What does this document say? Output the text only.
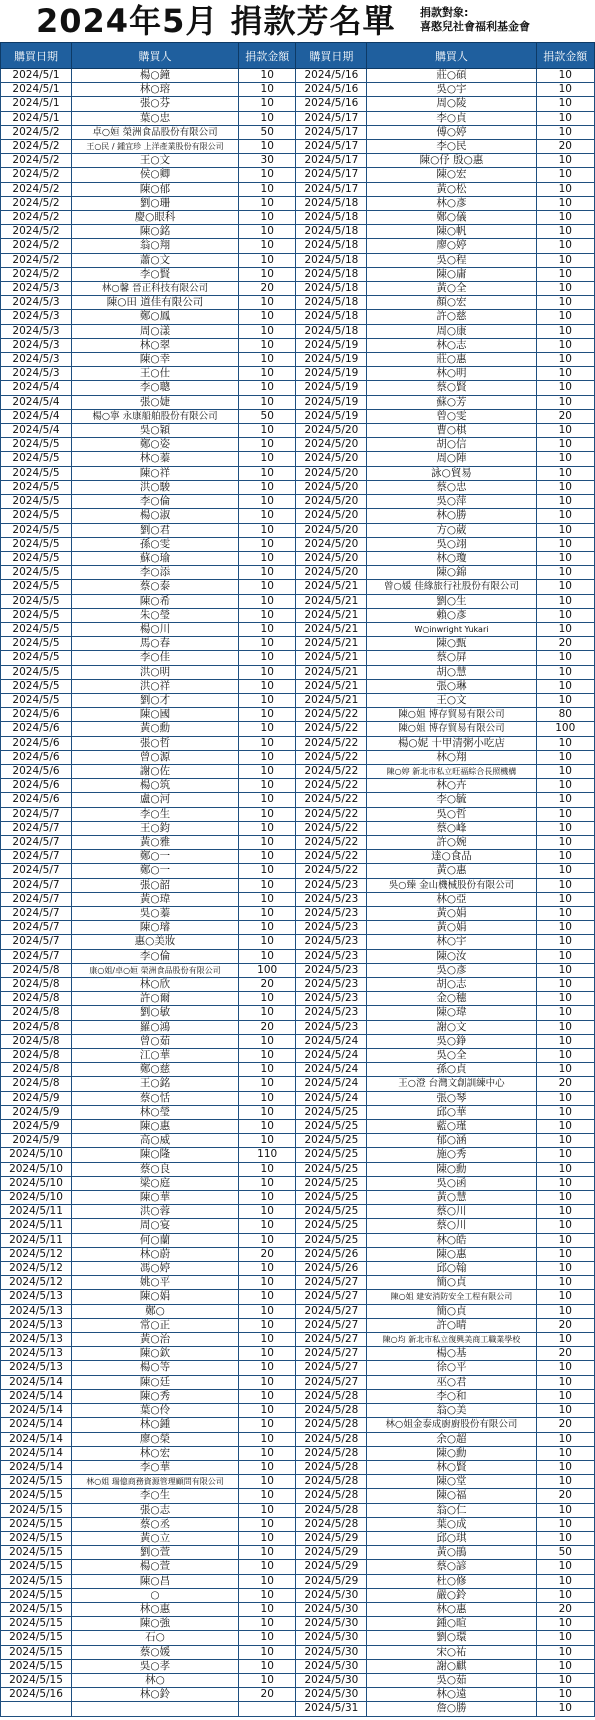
2024年5月 捐款芳名單 捐款對象:
喜憨兒社會福利基金會
購買日期	購買人	捐款金額	購買日期	購買人	捐款金額
2024/5/1	楊○鐘	10	2024/5/16	莊○碩	10
2024/5/1	林○瑢	10	2024/5/16	吳○宇	10
2024/5/1	張○芬	10	2024/5/16	周○陵	10
2024/5/1	葉○忠	10	2024/5/17	李○貞	10
2024/5/2	卓○姮 榮洲食品股份有限公司	50	2024/5/17	傅○婷	10
2024/5/2	王○民 / 鍾宜珍 上洋產業股份有限公司	10	2024/5/17	李○民	20
2024/5/2	王○文	30	2024/5/17	陳○伃 殷○惠	10
2024/5/2	侯○卿	10	2024/5/17	陳○宏	10
2024/5/2	陳○郁	10	2024/5/17	黃○松	10
2024/5/2	劉○珊	10	2024/5/18	林○彥	10
2024/5/2	慶○眼科	10	2024/5/18	鄭○儀	10
2024/5/2	陳○銘	10	2024/5/18	陳○帆	10
2024/5/2	翁○翔	10	2024/5/18	廖○婷	10
2024/5/2	蕭○文	10	2024/5/18	吳○程	10
2024/5/2	李○賢	10	2024/5/18	陳○庸	10
2024/5/3	林○馨 晉正科技有限公司	20	2024/5/18	黃○全	10
2024/5/3	陳○田 道佳有限公司	10	2024/5/18	顏○宏	10
2024/5/3	鄭○鳳	10	2024/5/18	許○慈	10
2024/5/3	周○漾	10	2024/5/18	周○康	10
2024/5/3	林○翠	10	2024/5/19	林○志	10
2024/5/3	陳○幸	10	2024/5/19	莊○惠	10
2024/5/3	王○仕	10	2024/5/19	林○明	10
2024/5/4	李○聰	10	2024/5/19	蔡○賢	10
2024/5/4	張○婕	10	2024/5/19	蘇○芳	10
2024/5/4	楊○寧 永康船舶股份有限公司	50	2024/5/19	曾○雯	20
2024/5/4	吳○穎	10	2024/5/20	曹○棋	10
2024/5/5	鄭○姿	10	2024/5/20	胡○信	10
2024/5/5	林○蓁	10	2024/5/20	周○陣	10
2024/5/5	陳○祥	10	2024/5/20	詠○貿易	10
2024/5/5	洪○駿	10	2024/5/20	蔡○忠	10
2024/5/5	李○倫	10	2024/5/20	吳○萍	10
2024/5/5	楊○淑	10	2024/5/20	林○勝	10
2024/5/5	劉○君	10	2024/5/20	方○葳	10
2024/5/5	孫○雯	10	2024/5/20	吳○翊	10
2024/5/5	蘇○瑜	10	2024/5/20	林○瓊	10
2024/5/5	李○添	10	2024/5/20	陳○錦	10
2024/5/5	蔡○泰	10	2024/5/21	曾○媛 佳緣旅行社股份有限公司	10
2024/5/5	陳○希	10	2024/5/21	劉○生	10
2024/5/5	朱○瑩	10	2024/5/21	賴○彥	10
2024/5/5	楊○川	10	2024/5/21	W○inwright Yukari	10
2024/5/5	馬○春	10	2024/5/21	陳○甄	20
2024/5/5	李○佳	10	2024/5/21	蔡○屏	10
2024/5/5	洪○明	10	2024/5/21	胡○慧	10
2024/5/5	洪○祥	10	2024/5/21	張○琳	10
2024/5/5	劉○才	10	2024/5/21	王○文	10
2024/5/6	陳○國	10	2024/5/22	陳○姐 博存貿易有限公司	80
2024/5/6	黃○勳	10	2024/5/22	陳○姐 博存貿易有限公司	100
2024/5/6	張○哲	10	2024/5/22	楊○妮 十甲清粥小吃店	10
2024/5/6	曾○源	10	2024/5/22	林○翔	10
2024/5/6	謝○佐	10	2024/5/22	陳○婷 新北市私立旺福綜合長照機構	10
2024/5/6	楊○筑	10	2024/5/22	林○卉	10
2024/5/6	盧○河	10	2024/5/22	李○毓	10
2024/5/7	李○生	10	2024/5/22	吳○哲	10
2024/5/7	王○鈞	10	2024/5/22	蔡○峰	10
2024/5/7	黃○雅	10	2024/5/22	許○婉	10
2024/5/7	鄭○一	10	2024/5/22	達○食品	10
2024/5/7	鄭○一	10	2024/5/22	黃○惠	10
2024/5/7	張○韶	10	2024/5/23	吳○臻 金山機械股份有限公司	10
2024/5/7	黃○瑋	10	2024/5/23	林○亞	10
2024/5/7	吳○蓁	10	2024/5/23	黃○娟	10
2024/5/7	陳○璿	10	2024/5/23	黃○娟	10
2024/5/7	惠○美妝	10	2024/5/23	林○宇	10
2024/5/7	李○倫	10	2024/5/23	陳○汝	10
2024/5/8	康○姐/卓○姮 榮洲食品股份有限公司	100	2024/5/23	吳○彥	10
2024/5/8	林○欣	20	2024/5/23	胡○志	10
2024/5/8	許○爾	10	2024/5/23	金○穗	10
2024/5/8	劉○敏	10	2024/5/23	陳○瑋	10
2024/5/8	羅○鴻	20	2024/5/23	謝○文	10
2024/5/8	曾○茹	10	2024/5/24	吳○錚	10
2024/5/8	江○華	10	2024/5/24	吳○全	10
2024/5/8	鄭○慈	10	2024/5/24	孫○貞	10
2024/5/8	王○銘	10	2024/5/24	王○澄 台灣文創訓練中心	20
2024/5/9	蔡○恬	10	2024/5/24	張○琴	10
2024/5/9	林○瑩	10	2024/5/25	邱○華	10
2024/5/9	陳○惠	10	2024/5/25	藍○瑾	10
2024/5/9	高○威	10	2024/5/25	郁○涵	10
2024/5/10	陳○隆	110	2024/5/25	施○秀	10
2024/5/10	蔡○良	10	2024/5/25	陳○勳	10
2024/5/10	梁○庭	10	2024/5/25	吳○函	10
2024/5/10	陳○華	10	2024/5/25	黃○慧	10
2024/5/11	洪○蓉	10	2024/5/25	蔡○川	10
2024/5/11	周○宴	10	2024/5/25	蔡○川	10
2024/5/11	何○蘭	10	2024/5/25	林○皓	10
2024/5/12	林○蔚	20	2024/5/26	陳○惠	10
2024/5/12	馮○婷	10	2024/5/26	邱○翰	10
2024/5/12	姚○平	10	2024/5/27	簡○貞	10
2024/5/13	陳○娟	10	2024/5/27	陳○姐 建安消防安全工程有限公司	10
2024/5/13	鄭○	10	2024/5/27	簡○貞	10
2024/5/13	常○正	10	2024/5/27	許○晴	20
2024/5/13	黃○治	10	2024/5/27	陳○均 新北市私立復興美商工職業學校	10
2024/5/13	陳○欽	10	2024/5/27	楊○基	20
2024/5/13	楊○等	10	2024/5/27	徐○平	10
2024/5/14	陳○廷	10	2024/5/27	巫○君	10
2024/5/14	陳○秀	10	2024/5/28	李○和	10
2024/5/14	葉○伶	10	2024/5/28	翁○美	10
2024/5/14	林○鍾	10	2024/5/28	林○姐金泰成廚廚股份有限公司	20
2024/5/14	廖○榮	10	2024/5/28	余○超	10
2024/5/14	林○宏	10	2024/5/28	陳○勳	10
2024/5/14	李○華	10	2024/5/28	林○賢	10
2024/5/15	林○姐 瑞億商務資源管理顧問有限公司	10	2024/5/28	陳○堂	10
2024/5/15	李○生	10	2024/5/28	陳○福	20
2024/5/15	張○志	10	2024/5/28	翁○仁	10
2024/5/15	蔡○丞	10	2024/5/28	葉○成	10
2024/5/15	黃○立	10	2024/5/29	邱○琪	10
2024/5/15	劉○萱	10	2024/5/29	黃○鵑	50
2024/5/15	楊○萱	10	2024/5/29	蔡○諺	10
2024/5/15	陳○昌	10	2024/5/29	杜○修	10
2024/5/15	○	10	2024/5/30	嚴○鈴	10
2024/5/15	林○惠	10	2024/5/30	林○惠	20
2024/5/15	陳○強	10	2024/5/30	鍾○暄	10
2024/5/15	石○	10	2024/5/30	劉○環	10
2024/5/15	蔡○媛	10	2024/5/30	宋○祐	10
2024/5/15	吳○孝	10	2024/5/30	謝○麒	10
2024/5/15	林○	10	2024/5/30	吳○茹	10
2024/5/16	林○鈴	20	2024/5/30	林○遠	10
			2024/5/31	詹○勝	10
